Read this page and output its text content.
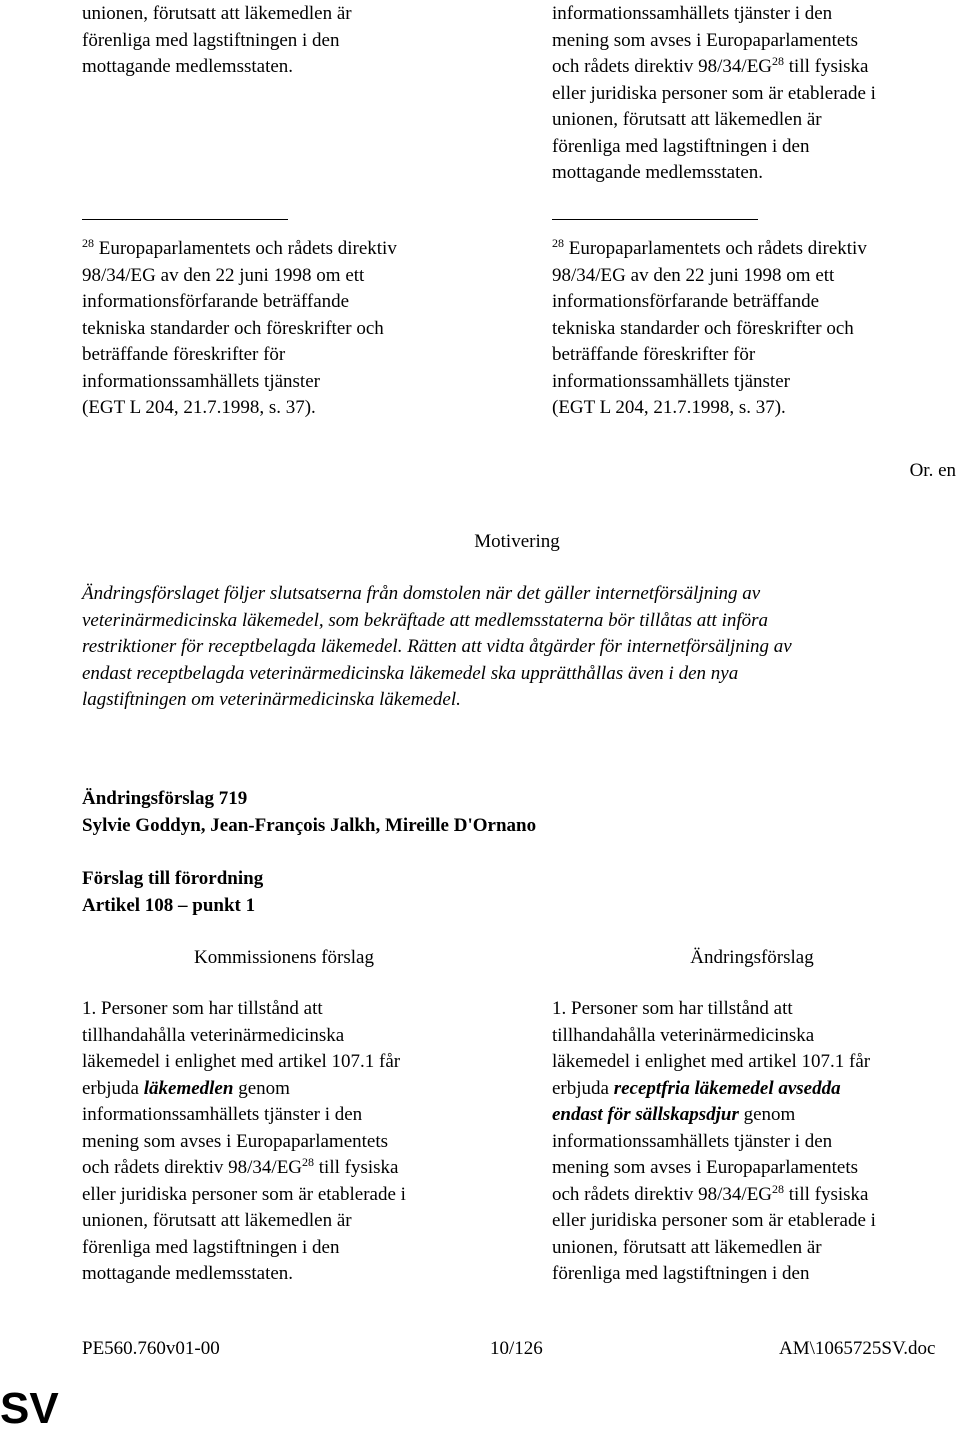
unionen, förutsatt att läkemedlen är

förenliga med lagstiftningen i den

mottagande medlemsstaten.

informationssamhällets tjänster i den

mening som avses i Europaparlamentets

och rådets direktiv 98/34/EG$^{28}$ till fysiska

eller juridiska personer som är etablerade i

unionen, förutsatt att läkemedlen är

förenliga med lagstiftningen i den

mottagande medlemsstaten.

$^{28}$ Europaparlamentets och rådets direktiv

98/34/EG av den 22 juni 1998 om ett

informationsförfarande beträffande

tekniska standarder och föreskrifter och

beträffande föreskrifter för

informationssamhällets tjänster

(EGT L 204, 21.7.1998, s. 37).

$^{28}$ Europaparlamentets och rådets direktiv

98/34/EG av den 22 juni 1998 om ett

informationsförfarande beträffande

tekniska standarder och föreskrifter och

beträffande föreskrifter för

informationssamhällets tjänster

(EGT L 204, 21.7.1998, s. 37).

Or. en
Motivering

Ändringsförslaget följer slutsatserna från domstolen när det gäller internetförsäljning av

veterinärmedicinska läkemedel, som bekräftade att medlemsstaterna bör tillåtas att införa

restriktioner för receptbelagda läkemedel. Rätten att vidta åtgärder för internetförsäljning av

endast receptbelagda veterinärmedicinska läkemedel ska upprätthållas även i den nya

lagstiftningen om veterinärmedicinska läkemedel.

Ändringsförslag 719
Sylvie Goddyn, Jean-François Jalkh, Mireille D'Ornano
Förslag till förordning
Artikel 108 – punkt 1
Kommissionens förslag	Ändringsförslag

1. Personer som har tillstånd att

tillhandahålla veterinärmedicinska

läkemedel i enlighet med artikel 107.1 får

erbjuda läkemedlen genom

informationssamhällets tjänster i den

mening som avses i Europaparlamentets

och rådets direktiv 98/34/EG$^{28}$ till fysiska

eller juridiska personer som är etablerade i

unionen, förutsatt att läkemedlen är

förenliga med lagstiftningen i den

mottagande medlemsstaten.

1. Personer som har tillstånd att

tillhandahålla veterinärmedicinska

läkemedel i enlighet med artikel 107.1 får

erbjuda receptfria läkemedel avsedda

endast för sällskapsdjur genom

informationssamhällets tjänster i den

mening som avses i Europaparlamentets

och rådets direktiv 98/34/EG$^{28}$ till fysiska

eller juridiska personer som är etablerade i

unionen, förutsatt att läkemedlen är

förenliga med lagstiftningen i den

PE560.760v01-00	10/126	AM\1065725SV.doc
SV
